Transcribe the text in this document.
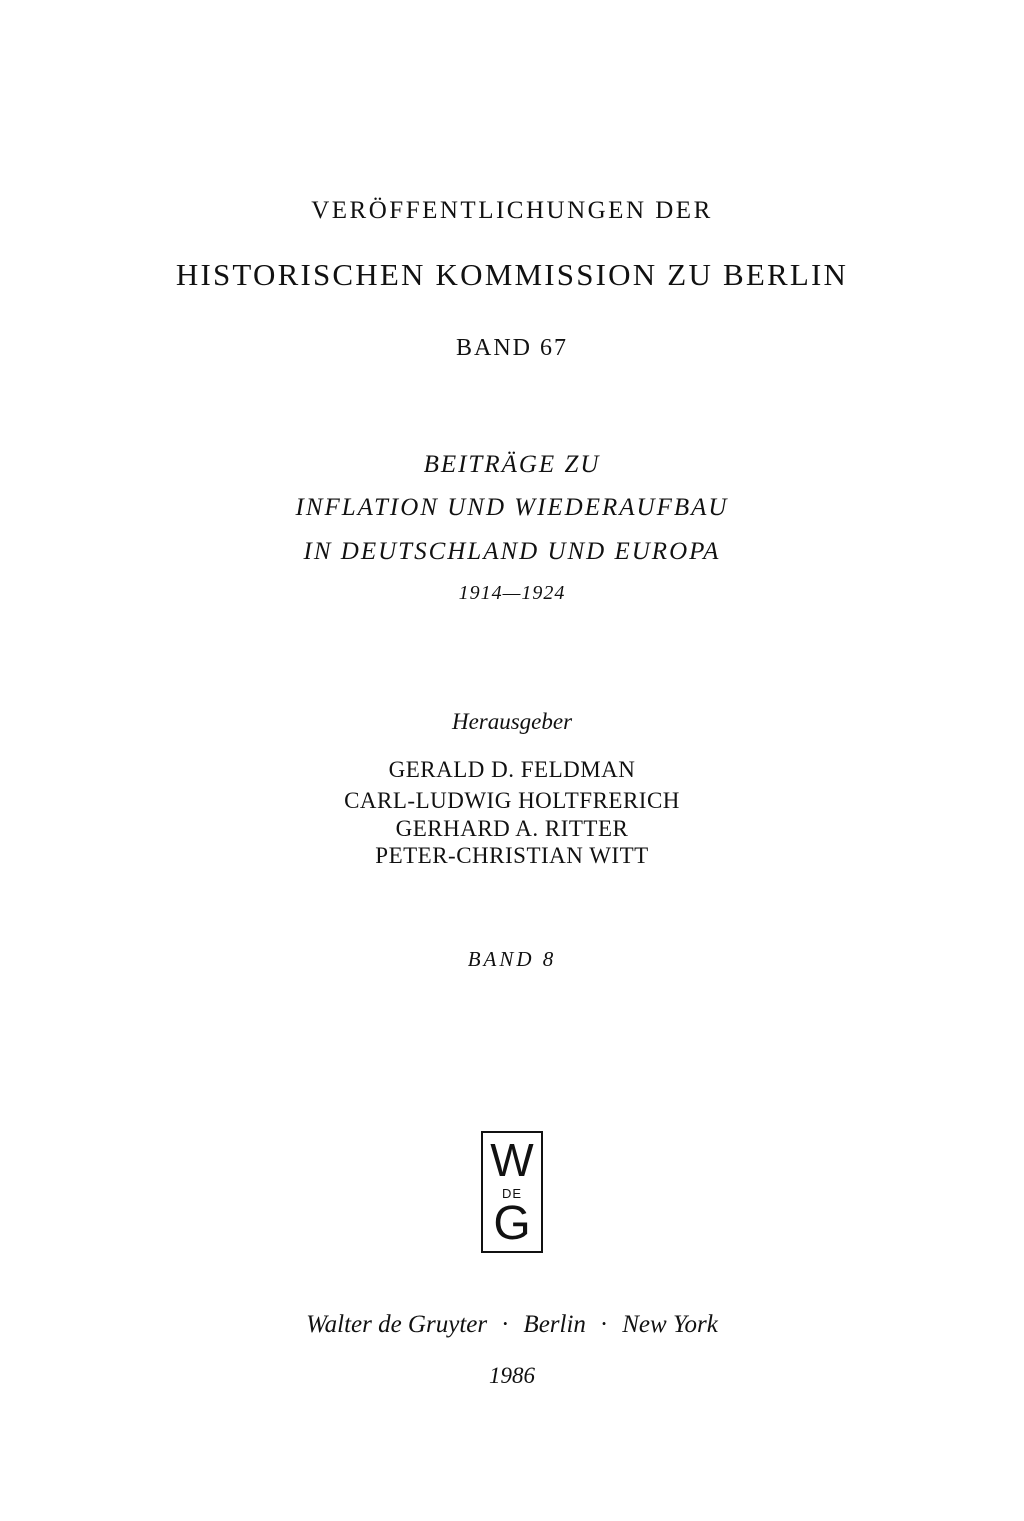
VERÖFFENTLICHUNGEN DER
HISTORISCHEN KOMMISSION ZU BERLIN
BAND 67
BEITRÄGE ZU
INFLATION UND WIEDERAUFBAU
IN DEUTSCHLAND UND EUROPA
1914—1924
Herausgeber
GERALD D. FELDMAN
CARL-LUDWIG HOLTFRERICH
GERHARD A. RITTER
PETER-CHRISTIAN WITT
BAND 8
W
DE
G
Walter de Gruyter · Berlin · New York
1986
